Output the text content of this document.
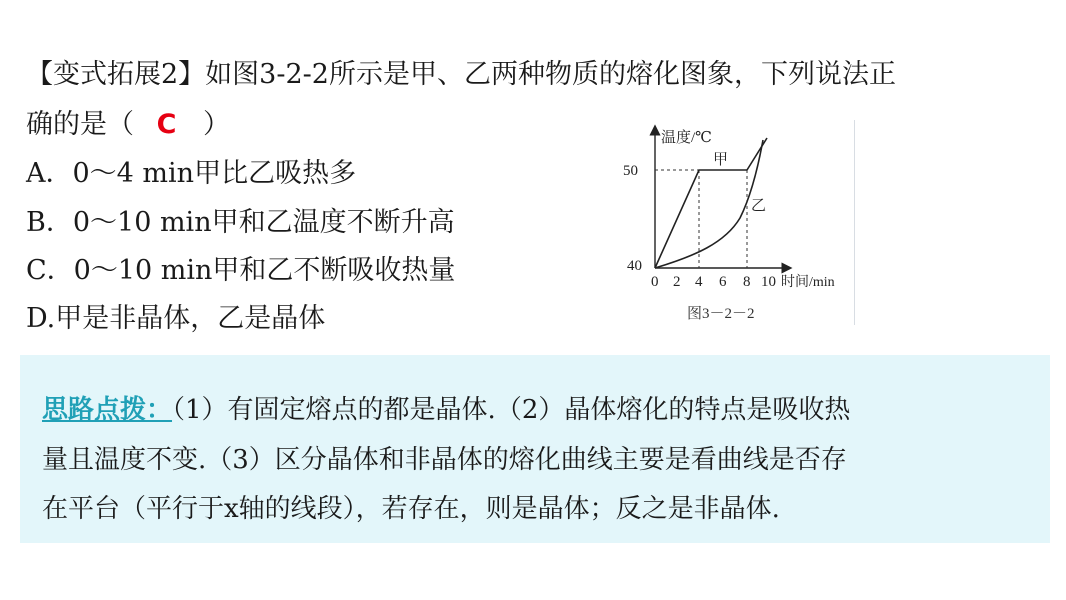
【变式拓展2】如图3-2-2所示是甲、乙两种物质的熔化图象，下列说法正
确的是（ C ）
A．0～4 min甲比乙吸热多
B．0～10 min甲和乙温度不断升高
C．0～10 min甲和乙不断吸收热量
D.甲是非晶体，乙是晶体
温度/℃
50
40
甲
乙
0 2 4 6 8 10 时间/min
图3－2－2
思路点拨：（1）有固定熔点的都是晶体.（2）晶体熔化的特点是吸收热
量且温度不变.（3）区分晶体和非晶体的熔化曲线主要是看曲线是否存
在平台（平行于x轴的线段），若存在，则是晶体；反之是非晶体.
